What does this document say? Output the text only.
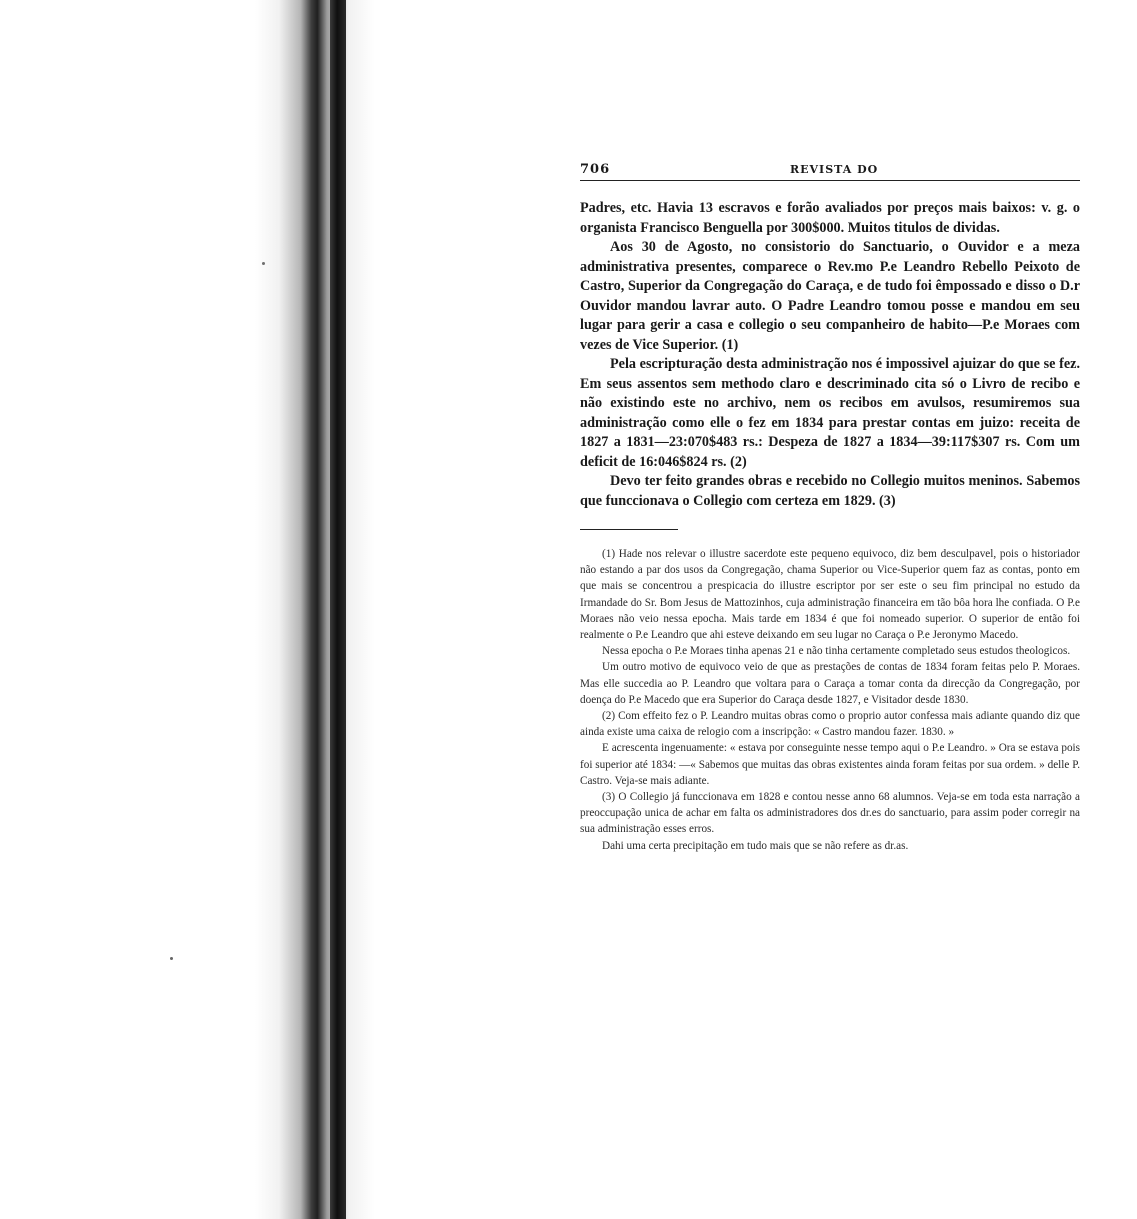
706	REVISTA DO

Padres, etc. Havia 13 escravos e forão avaliados por preços mais baixos: v. g. o organista Francisco Benguella por 300$000. Muitos titulos de dividas.

Aos 30 de Agosto, no consistorio do Sanctuario, o Ouvidor e a meza administrativa presentes, comparece o Rev.mo P.e Leandro Rebello Peixoto de Castro, Superior da Congregação do Caraça, e de tudo foi êmpossado e disso o D.r Ouvidor mandou lavrar auto. O Padre Leandro tomou posse e mandou em seu lugar para gerir a casa e collegio o seu companheiro de habito—P.e Moraes com vezes de Vice Superior. (1)

Pela escripturação desta administração nos é impossivel ajuizar do que se fez. Em seus assentos sem methodo claro e descriminado cita só o Livro de recibo e não existindo este no archivo, nem os recibos em avulsos, resumiremos sua administração como elle o fez em 1834 para prestar contas em juizo: receita de 1827 a 1831—23:070$483 rs.: Despeza de 1827 a 1834—39:117$307 rs. Com um deficit de 16:046$824 rs. (2)

Devo ter feito grandes obras e recebido no Collegio muitos meninos. Sabemos que funccionava o Collegio com certeza em 1829. (3)

(1) Hade nos relevar o illustre sacerdote este pequeno equivoco, diz bem desculpavel, pois o historiador não estando a par dos usos da Congregação, chama Superior ou Vice-Superior quem faz as contas, ponto em que mais se concentrou a prespicacia do illustre escriptor por ser este o seu fim principal no estudo da Irmandade do Sr. Bom Jesus de Mattozinhos, cuja administração financeira em tão bôa hora lhe confiada. O P.e Moraes não veio nessa epocha. Mais tarde em 1834 é que foi nomeado superior. O superior de então foi realmente o P.e Leandro que ahi esteve deixando em seu lugar no Caraça o P.e Jeronymo Macedo.

Nessa epocha o P.e Moraes tinha apenas 21 e não tinha certamente completado seus estudos theologicos.

Um outro motivo de equivoco veio de que as prestações de contas de 1834 foram feitas pelo P. Moraes. Mas elle succedia ao P. Leandro que voltara para o Caraça a tomar conta da direcção da Congregação, por doença do P.e Macedo que era Superior do Caraça desde 1827, e Visitador desde 1830.

(2) Com effeito fez o P. Leandro muitas obras como o proprio autor confessa mais adiante quando diz que ainda existe uma caixa de relogio com a inscripção: « Castro mandou fazer. 1830. »

E acrescenta ingenuamente: « estava por conseguinte nesse tempo aqui o P.e Leandro. » Ora se estava pois foi superior até 1834: —« Sabemos que muitas das obras existentes ainda foram feitas por sua ordem. » delle P. Castro. Veja-se mais adiante.

(3) O Collegio já funccionava em 1828 e contou nesse anno 68 alumnos. Veja-se em toda esta narração a preoccupação unica de achar em falta os administradores dos dr.es do sanctuario, para assim poder corregir na sua administração esses erros.

Dahi uma certa precipitação em tudo mais que se não refere as dr.as.
